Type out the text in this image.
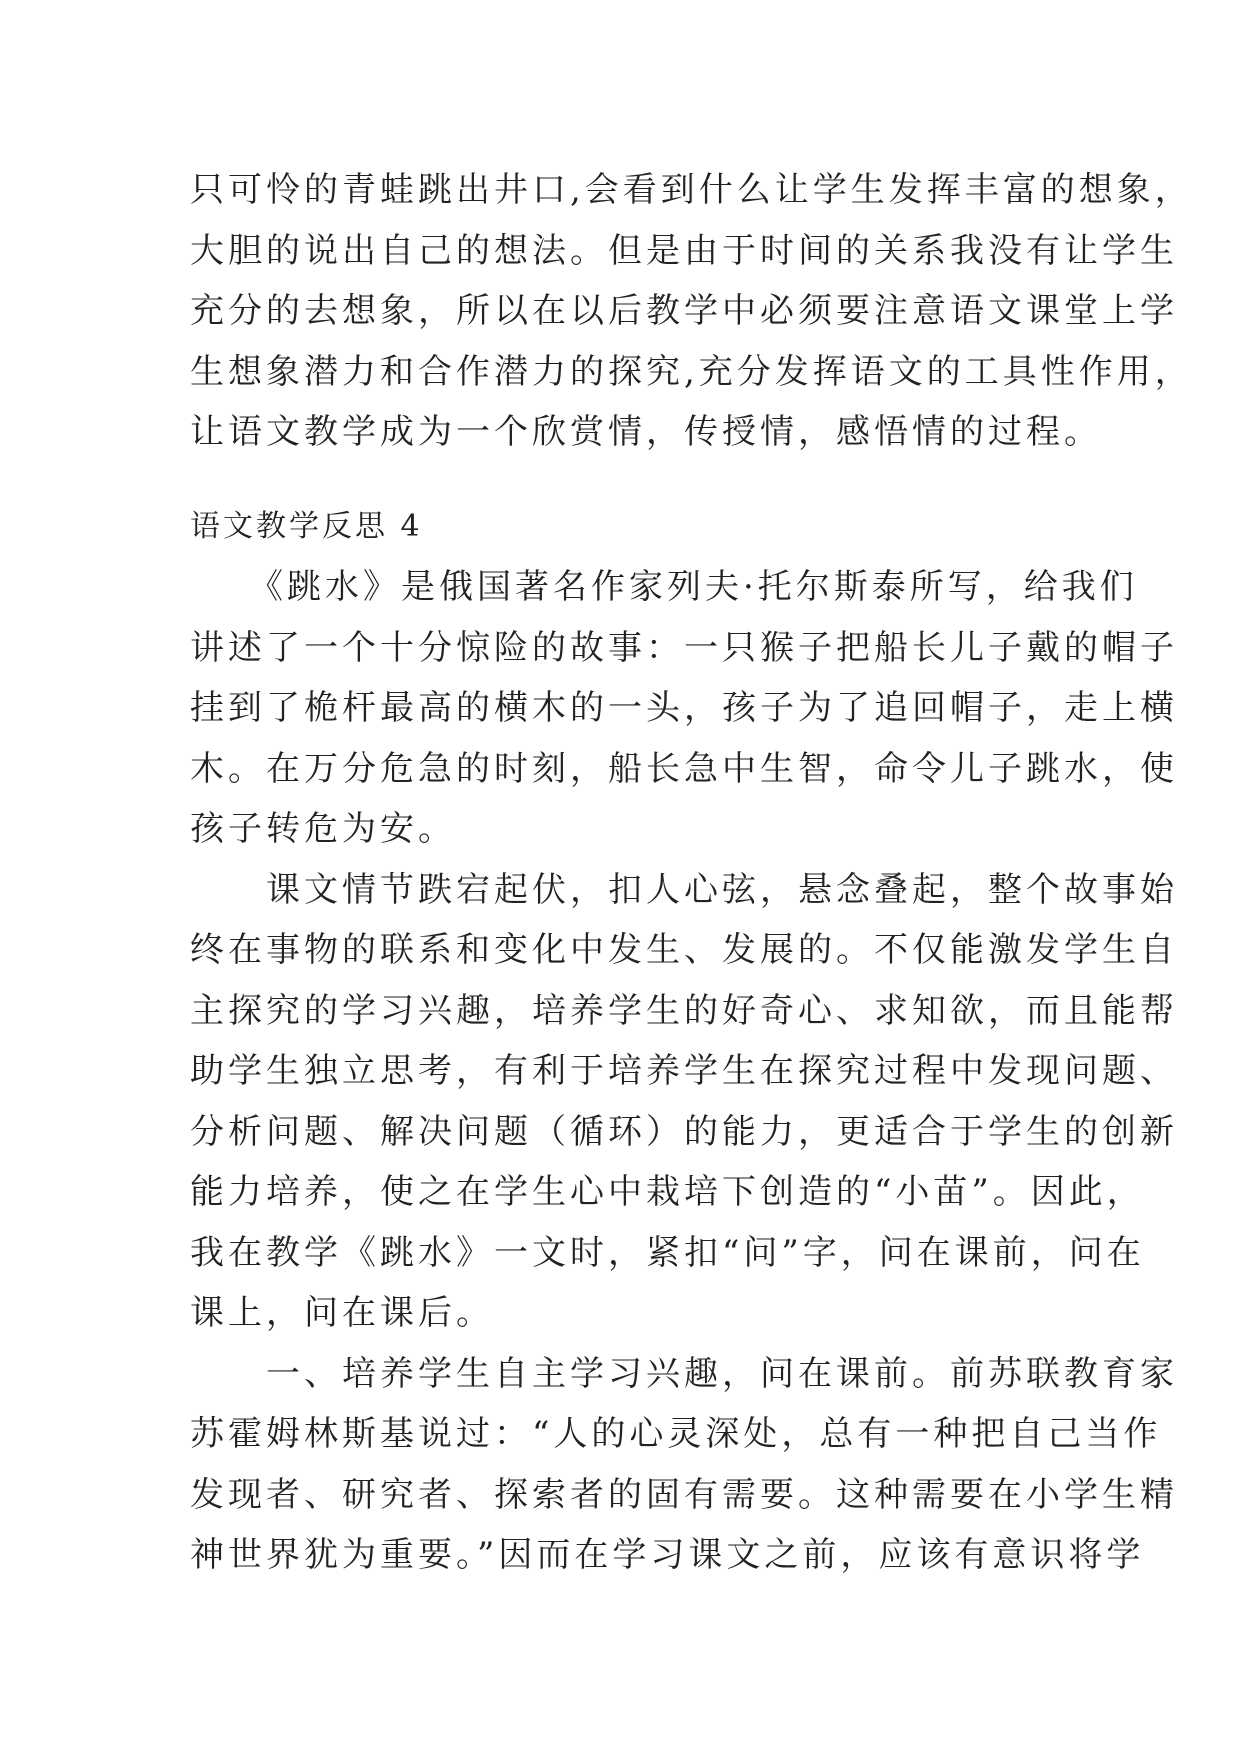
只可怜的青蛙跳出井口,会看到什么让学生发挥丰富的想象，
大胆的说出自己的想法。但是由于时间的关系我没有让学生
充分的去想象，所以在以后教学中必须要注意语文课堂上学
生想象潜力和合作潜力的探究,充分发挥语文的工具性作用，
让语文教学成为一个欣赏情，传授情，感悟情的过程。
语文教学反思 4
　　《跳水》是俄国著名作家列夫·托尔斯泰所写，给我们
讲述了一个十分惊险的故事：一只猴子把船长儿子戴的帽子
挂到了桅杆最高的横木的一头，孩子为了追回帽子，走上横
木。在万分危急的时刻，船长急中生智，命令儿子跳水，使
孩子转危为安。
　　课文情节跌宕起伏，扣人心弦，悬念叠起，整个故事始
终在事物的联系和变化中发生、发展的。不仅能激发学生自
主探究的学习兴趣，培养学生的好奇心、求知欲，而且能帮
助学生独立思考，有利于培养学生在探究过程中发现问题、
分析问题、解决问题（循环）的能力，更适合于学生的创新
能力培养，使之在学生心中栽培下创造的“小苗”。因此，
我在教学《跳水》一文时，紧扣“问”字，问在课前，问在
课上，问在课后。
　　一、培养学生自主学习兴趣，问在课前。前苏联教育家
苏霍姆林斯基说过：“人的心灵深处，总有一种把自己当作
发现者、研究者、探索者的固有需要。这种需要在小学生精
神世界犹为重要。”因而在学习课文之前，应该有意识将学
